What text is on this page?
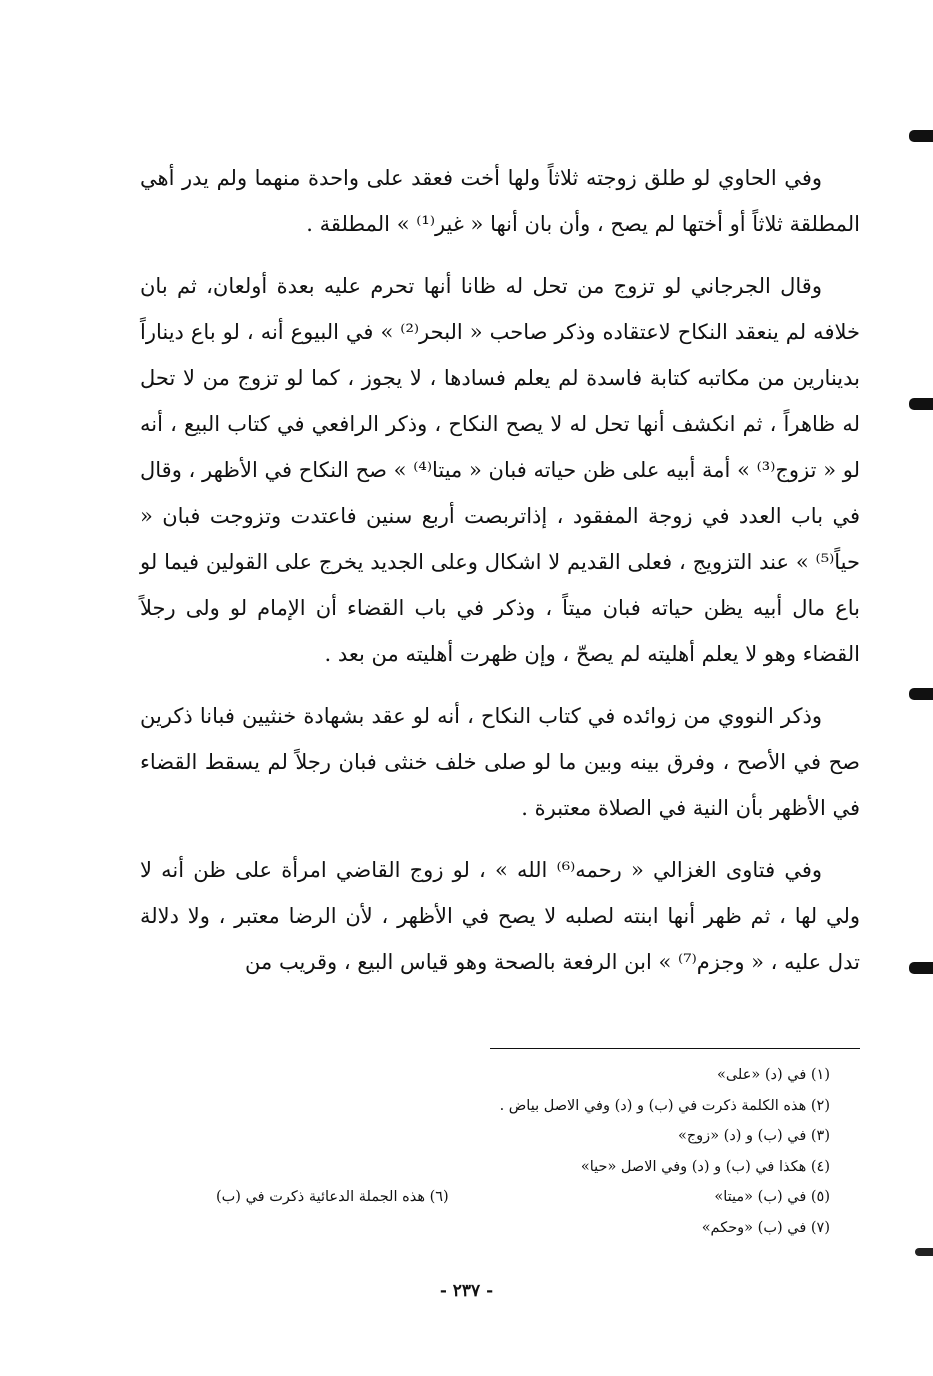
وفي الحاوي لو طلق زوجته ثلاثاً ولها أخت فعقد على واحدة منهما ولم يدر أهي المطلقة ثلاثاً أو أختها لم يصح ، وأن بان أنها « غير⁽¹⁾ » المطلقة .

وقال الجرجاني لو تزوج من تحل له ظانا أنها تحرم عليه بعدة أولعان، ثم بان خلافه لم ينعقد النكاح لاعتقاده وذكر صاحب « البحر⁽²⁾ » في البيوع أنه ، لو باع ديناراً بدينارين من مكاتبه كتابة فاسدة لم يعلم فسادها ، لا يجوز ، كما لو تزوج من لا تحل له ظاهراً ، ثم انكشف أنها تحل له لا يصح النكاح ، وذكر الرافعي في كتاب البيع ، أنه لو « تزوج⁽³⁾ » أمة أبيه على ظن حياته فبان « ميتا⁽⁴⁾ » صح النكاح في الأظهر ، وقال في باب العدد في زوجة المفقود ، إذاتربصت أربع سنين فاعتدت وتزوجت فبان « حياً⁽⁵⁾ » عند التزويج ، فعلى القديم لا اشكال وعلى الجديد يخرج على القولين فيما لو باع مال أبيه يظن حياته فبان ميتاً ، وذكر في باب القضاء أن الإمام لو ولى رجلاً القضاء وهو لا يعلم أهليته لم يصحّ ، وإن ظهرت أهليته من بعد .

وذكر النووي من زوائده في كتاب النكاح ، أنه لو عقد بشهادة خنثيين فبانا ذكرين صح في الأصح ، وفرق بينه وبين ما لو صلى خلف خنثى فبان رجلاً لم يسقط القضاء في الأظهر بأن النية في الصلاة معتبرة .

وفي فتاوى الغزالي « رحمه⁽⁶⁾ الله » ، لو زوج القاضي امرأة على ظن أنه لا ولي لها ، ثم ظهر أنها ابنته لصلبه لا يصح في الأظهر ، لأن الرضا معتبر ، ولا دلالة تدل عليه ، « وجزم⁽⁷⁾ » ابن الرفعة بالصحة وهو قياس البيع ، وقريب من

(١) في (د) «على»
(٢) هذه الكلمة ذكرت في (ب) و (د) وفي الاصل بياض .
(٣) في (ب) و (د) «زوج»
(٤) هكذا في (ب) و (د) وفي الاصل «حيا»
(٥) في (ب) «ميتا»
(٦) هذه الجملة الدعائية ذكرت في (ب)
(٧) في (ب) «وحكم»
- ٢٣٧ -
